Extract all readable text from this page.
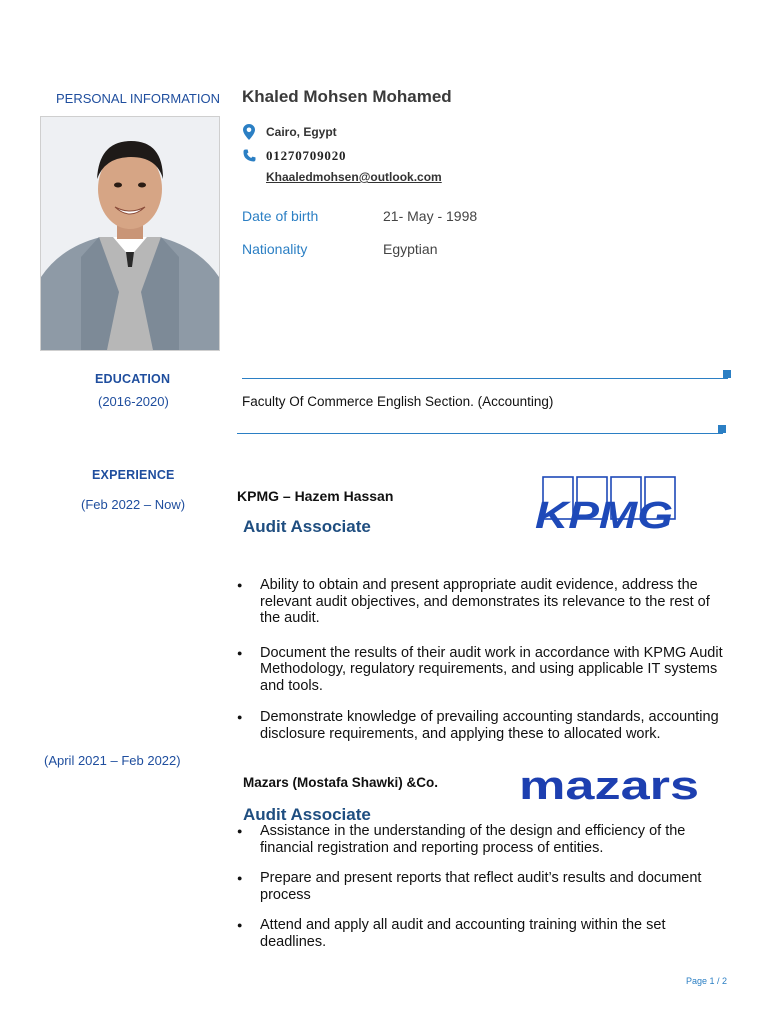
PERSONAL INFORMATION
EDUCATION
(2016-2020)
EXPERIENCE
(Feb 2022 – Now)
(April 2021 – Feb 2022)
Khaled Mohsen Mohamed
Cairo, Egypt
01270709020
Khaaledmohsen@outlook.com
Date of birth	21- May - 1998
Nationality	Egyptian
Faculty Of Commerce English Section. (Accounting)
KPMG – Hazem Hassan
Audit Associate	KPMG
● Ability to obtain and present appropriate audit evidence, address the relevant audit objectives, and demonstrates its relevance to the rest of the audit.
● Document the results of their audit work in accordance with KPMG Audit Methodology, regulatory requirements, and using applicable IT systems and tools.
● Demonstrate knowledge of prevailing accounting standards, accounting disclosure requirements, and applying these to allocated work.
Mazars (Mostafa Shawki) &Co. mazars
Audit Associate
● Assistance in the understanding of the design and efficiency of the financial registration and reporting process of entities.
● Prepare and present reports that reflect audit’s results and document process
● Attend and apply all audit and accounting training within the set deadlines.
Page 1 / 2
